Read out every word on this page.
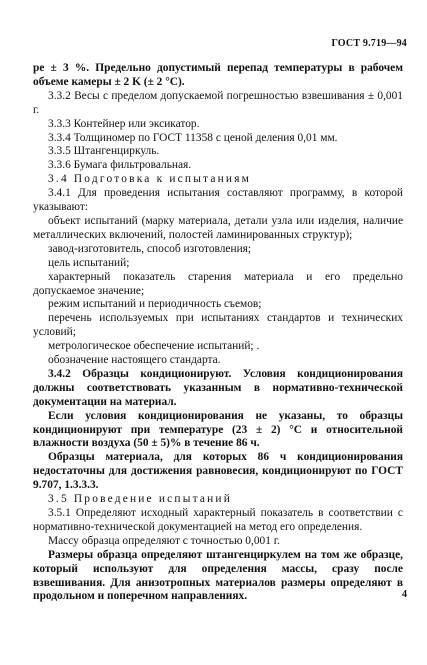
ГОСТ 9.719—94

ре ± 3 %. Предельно допустимый перепад температуры в рабочем объеме камеры ± 2 K (± 2 °C).

3.3.2 Весы с пределом допускаемой погрешностью взвешивания ± 0,001 г.

3.3.3 Контейнер или эксикатор.

3.3.4 Толщиномер по ГОСТ 11358 с ценой деления 0,01 мм.

3.3.5 Штангенциркуль.

3.3.6 Бумага фильтровальная.

3.4 Подготовка к испытаниям

3.4.1 Для проведения испытания составляют программу, в которой указывают:

объект испытаний (марку материала, детали узла или изделия, наличие металлических включений, полостей ламинированных структур);

завод-изготовитель, способ изготовления;

цель испытаний;

характерный показатель старения материала и его предельно допускаемое значение;

режим испытаний и периодичность съемов;

перечень используемых при испытаниях стандартов и технических условий;

метрологическое обеспечение испытаний; .

обозначение настоящего стандарта.

3.4.2 Образцы кондиционируют. Условия кондиционирования должны соответствовать указанным в нормативно-технической документации на материал.

Если условия кондиционирования не указаны, то образцы кондиционируют при температуре (23 ± 2) °C и относительной влажности воздуха (50 ± 5)% в течение 86 ч.

Образцы материала, для которых 86 ч кондиционирования недостаточны для достижения равновесия, кондиционируют по ГОСТ 9.707, 1.3.3.3.

3.5 Проведение испытаний

3.5.1 Определяют исходный характерный показатель в соответствии с нормативно-технической документацией на метод его определения.

Массу образца определяют с точностью 0,001 г.

Размеры образца определяют штангенциркулем на том же образце, который используют для определения массы, сразу после взвешивания. Для анизотропных материалов размеры определяют в продольном и поперечном направлениях.	4
